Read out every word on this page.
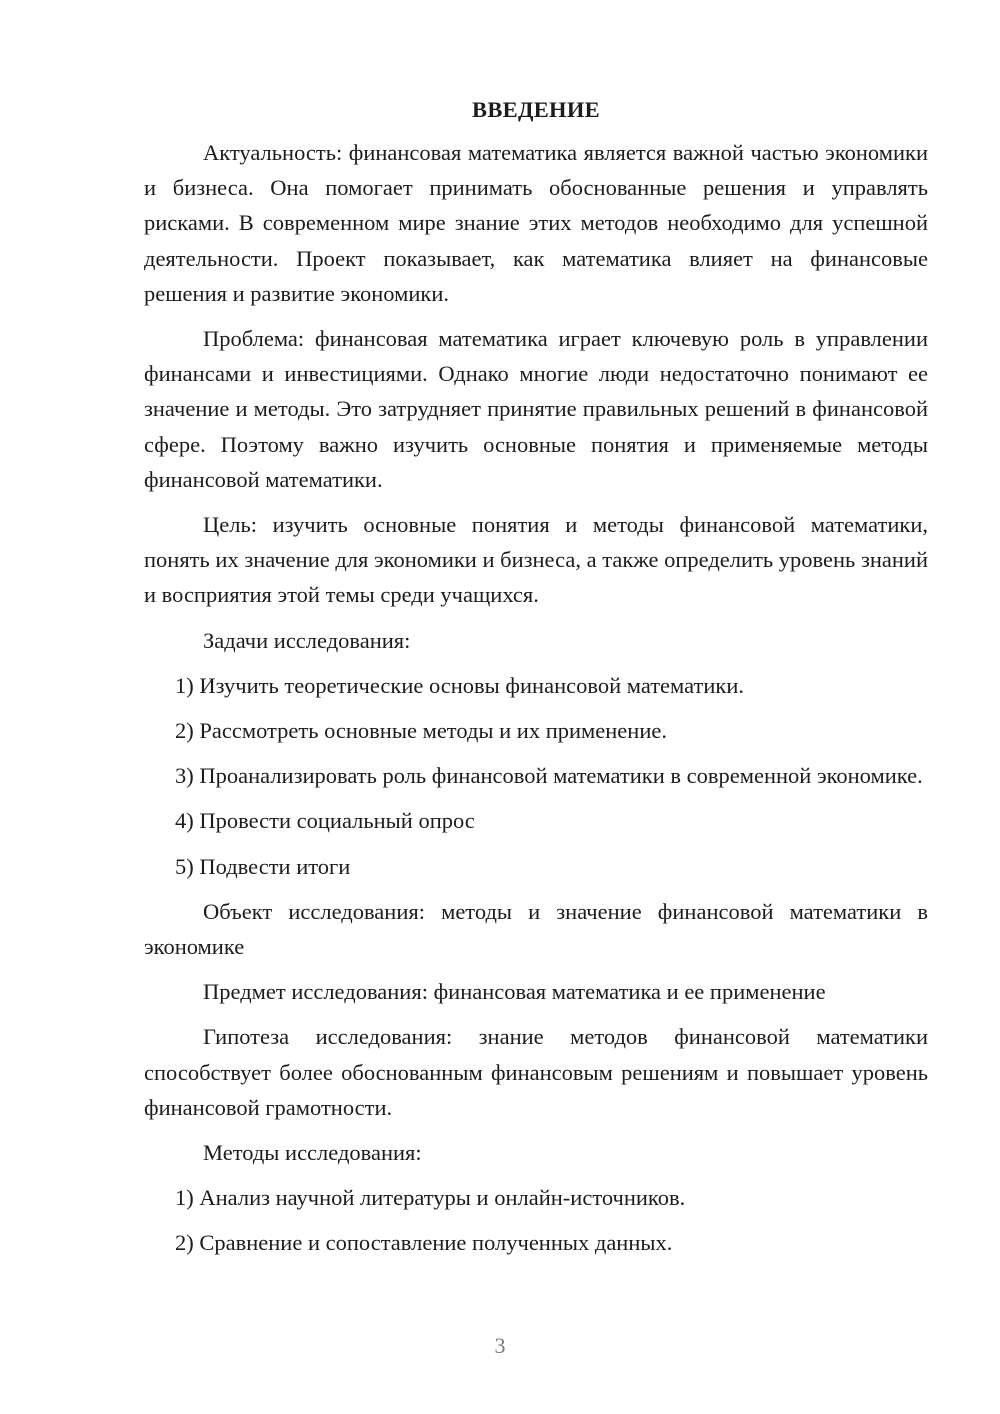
ВВЕДЕНИЕ

Актуальность: финансовая математика является важной частью экономики и бизнеса. Она помогает принимать обоснованные решения и управлять рисками. В современном мире знание этих методов необходимо для успешной деятельности. Проект показывает, как математика влияет на финансовые решения и развитие экономики.

Проблема: финансовая математика играет ключевую роль в управлении финансами и инвестициями. Однако многие люди недостаточно понимают ее значение и методы. Это затрудняет принятие правильных решений в финансовой сфере. Поэтому важно изучить основные понятия и применяемые методы финансовой математики.

Цель: изучить основные понятия и методы финансовой математики, понять их значение для экономики и бизнеса, а также определить уровень знаний и восприятия этой темы среди учащихся.

Задачи исследования:

1) Изучить теоретические основы финансовой математики.

2) Рассмотреть основные методы и их применение.

3) Проанализировать роль финансовой математики в современной экономике.

4) Провести социальный опрос

5) Подвести итоги

Объект исследования: методы и значение финансовой математики в экономике

Предмет исследования: финансовая математика и ее применение

Гипотеза исследования: знание методов финансовой математики способствует более обоснованным финансовым решениям и повышает уровень финансовой грамотности.

Методы исследования:

1) Анализ научной литературы и онлайн-источников.

2) Сравнение и сопоставление полученных данных.

3
